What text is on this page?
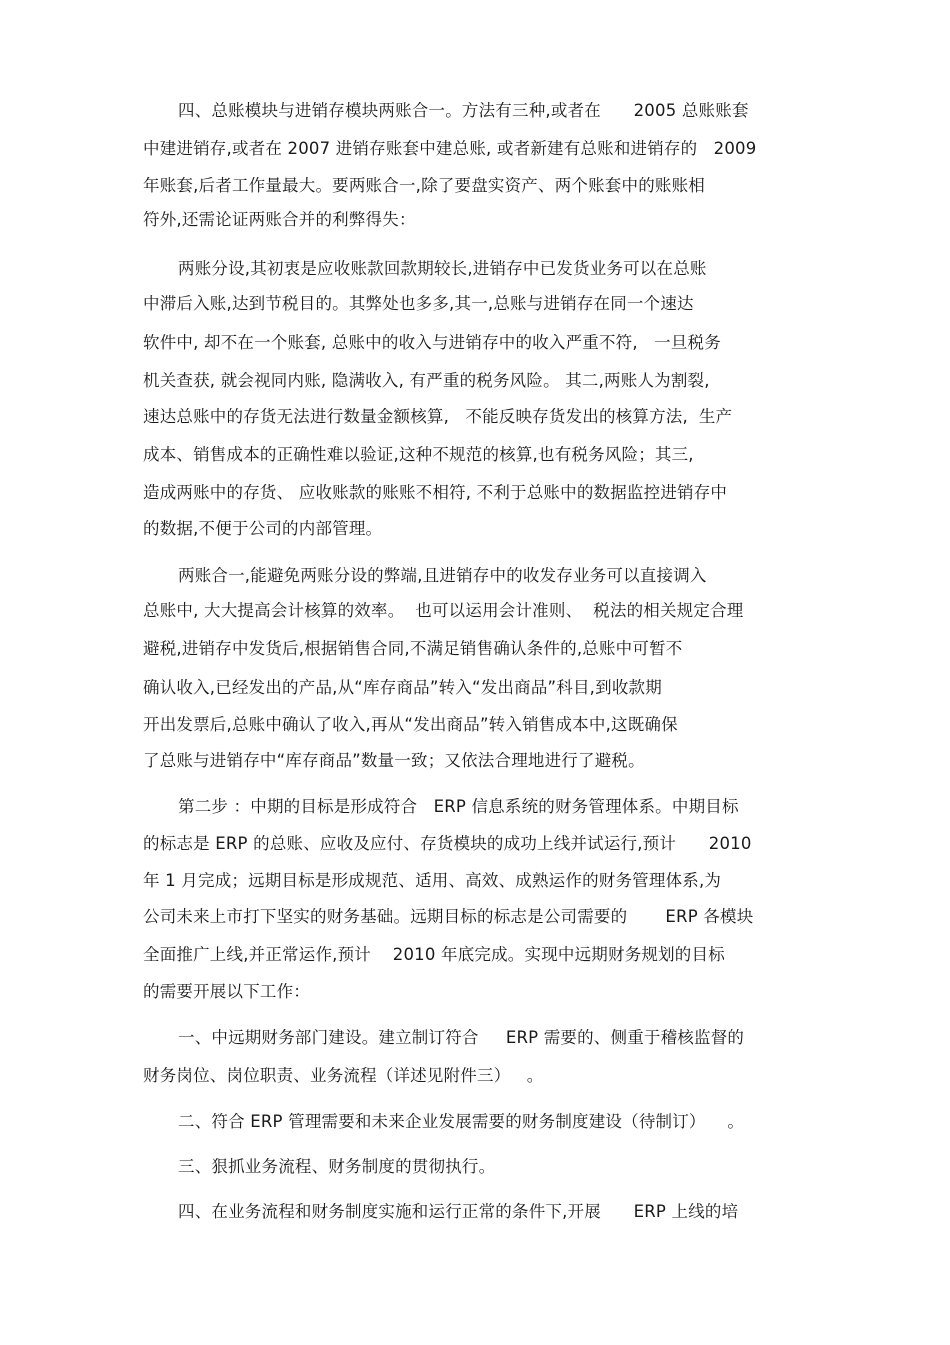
四、总账模块与进销存模块两账合一。方法有三种,或者在      2005 总账账套
中建进销存,或者在 2007 进销存账套中建总账, 或者新建有总账和进销存的   2009
年账套,后者工作量最大。要两账合一,除了要盘实资产、两个账套中的账账相
符外,还需论证两账合并的利弊得失：
两账分设,其初衷是应收账款回款期较长,进销存中已发货业务可以在总账
中滞后入账,达到节税目的。其弊处也多多,其一,总账与进销存在同一个速达
软件中, 却不在一个账套, 总账中的收入与进销存中的收入严重不符,   一旦税务
机关查获, 就会视同内账, 隐满收入, 有严重的税务风险。 其二,两账人为割裂,
速达总账中的存货无法进行数量金额核算,   不能反映存货发出的核算方法,  生产
成本、销售成本的正确性难以验证,这种不规范的核算,也有税务风险；其三,
造成两账中的存货、 应收账款的账账不相符, 不利于总账中的数据监控进销存中
的数据,不便于公司的内部管理。
两账合一,能避免两账分设的弊端,且进销存中的收发存业务可以直接调入
总账中, 大大提高会计核算的效率。  也可以运用会计准则、  税法的相关规定合理
避税,进销存中发货后,根据销售合同,不满足销售确认条件的,总账中可暂不
确认收入,已经发出的产品,从“库存商品”转入“发出商品”科目,到收款期
开出发票后,总账中确认了收入,再从“发出商品”转入销售成本中,这既确保
了总账与进销存中“库存商品”数量一致；又依法合理地进行了避税。
第二步 ：中期的目标是形成符合   ERP 信息系统的财务管理体系。中期目标
的标志是 ERP 的总账、应收及应付、存货模块的成功上线并试运行,预计      2010
年 1 月完成；远期目标是形成规范、适用、高效、成熟运作的财务管理体系,为
公司未来上市打下坚实的财务基础。远期目标的标志是公司需要的       ERP 各模块
全面推广上线,并正常运作,预计    2010 年底完成。实现中远期财务规划的目标
的需要开展以下工作：
一、中远期财务部门建设。建立制订符合     ERP 需要的、侧重于稽核监督的
财务岗位、岗位职责、业务流程（详述见附件三）   。
二、符合 ERP 管理需要和未来企业发展需要的财务制度建设（待制订）    。
三、狠抓业务流程、财务制度的贯彻执行。
四、在业务流程和财务制度实施和运行正常的条件下,开展      ERP 上线的培
